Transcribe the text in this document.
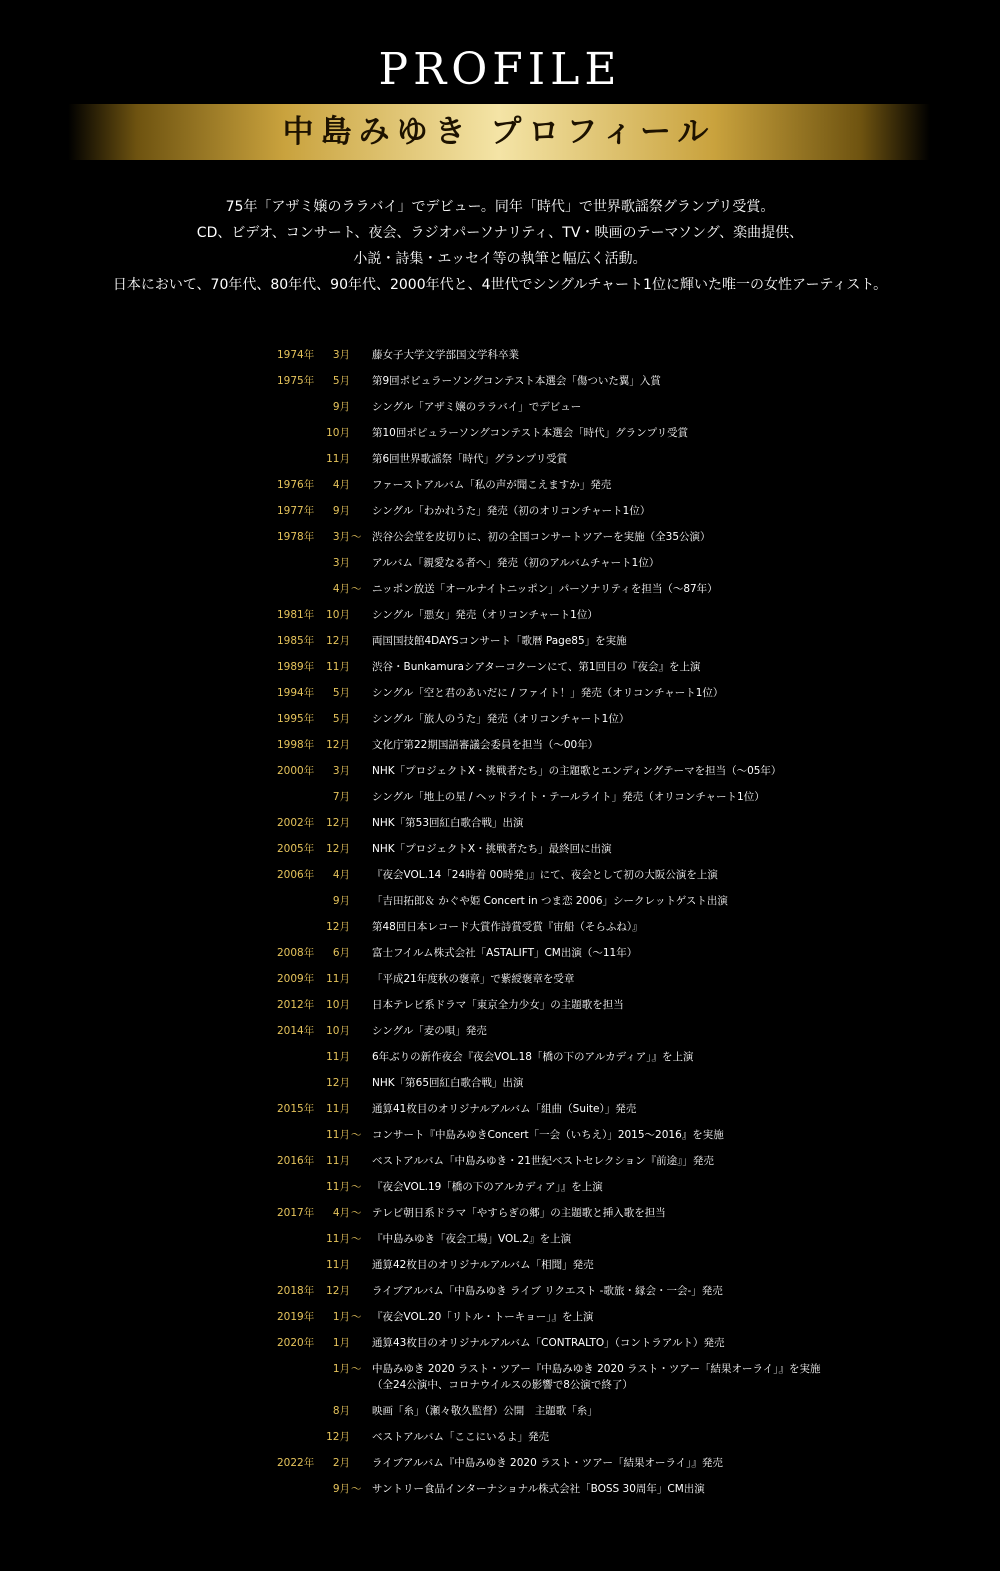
PROFILE
中島みゆき プロフィール
75年「アザミ嬢のララバイ」でデビュー。同年「時代」で世界歌謡祭グランプリ受賞。
CD、ビデオ、コンサート、夜会、ラジオパーソナリティ、TV・映画のテーマソング、楽曲提供、
小説・詩集・エッセイ等の執筆と幅広く活動。
日本において、70年代、80年代、90年代、2000年代と、4世代でシングルチャート1位に輝いた唯一の女性アーティスト。
1974年	3月 藤女子大学文学部国文学科卒業
1975年	5月 第9回ポピュラーソングコンテスト本選会「傷ついた翼」入賞
9月 シングル「アザミ嬢のララバイ」でデビュー
10月 第10回ポピュラーソングコンテスト本選会「時代」グランプリ受賞
11月 第6回世界歌謡祭「時代」グランプリ受賞
1976年	4月 ファーストアルバム「私の声が聞こえますか」発売
1977年	9月 シングル「わかれうた」発売（初のオリコンチャート1位）
1978年	3月 〜 渋谷公会堂を皮切りに、初の全国コンサートツアーを実施（全35公演）
3月 アルバム「親愛なる者へ」発売（初のアルバムチャート1位）
4月 〜 ニッポン放送「オールナイトニッポン」パーソナリティを担当（〜87年）
1981年	10月 シングル「悪女」発売（オリコンチャート1位）
1985年	12月 両国国技館4DAYSコンサート「歌暦 Page85」を実施
1989年	11月 渋谷・Bunkamuraシアターコクーンにて、第1回目の『夜会』を上演
1994年	5月 シングル「空と君のあいだに / ファイト！」発売（オリコンチャート1位）
1995年	5月 シングル「旅人のうた」発売（オリコンチャート1位）
1998年	12月 文化庁第22期国語審議会委員を担当（〜00年）
2000年	3月 NHK「プロジェクトX・挑戦者たち」の主題歌とエンディングテーマを担当（〜05年）
7月 シングル「地上の星 / ヘッドライト・テールライト」発売（オリコンチャート1位）
2002年	12月 NHK「第53回紅白歌合戦」出演
2005年	12月 NHK「プロジェクトX・挑戦者たち」最終回に出演
2006年	4月 『夜会VOL.14「24時着 00時発」』にて、夜会として初の大阪公演を上演
9月 「吉田拓郎＆ かぐや姫 Concert in つま恋 2006」シークレットゲスト出演
12月 第48回日本レコード大賞作詩賞受賞『宙船（そらふね）』
2008年	6月 富士フイルム株式会社「ASTALIFT」CM出演（〜11年）
2009年	11月 「平成21年度秋の褒章」で紫綬褒章を受章
2012年	10月 日本テレビ系ドラマ「東京全力少女」の主題歌を担当
2014年	10月 シングル「麦の唄」発売
11月 6年ぶりの新作夜会『夜会VOL.18「橋の下のアルカディア」』を上演
12月 NHK「第65回紅白歌合戦」出演
2015年	11月 通算41枚目のオリジナルアルバム「組曲（Suite）」発売
11月 〜 コンサート『中島みゆきConcert「一会（いちえ）」2015〜2016』を実施
2016年	11月 ベストアルバム「中島みゆき・21世紀ベストセレクション『前途』」発売
11月 〜 『夜会VOL.19「橋の下のアルカディア」』を上演
2017年	4月 〜 テレビ朝日系ドラマ「やすらぎの郷」の主題歌と挿入歌を担当
11月 〜 『中島みゆき「夜会工場」VOL.2』を上演
11月 通算42枚目のオリジナルアルバム「相聞」発売
2018年	12月 ライブアルバム「中島みゆき ライブ リクエスト -歌旅・縁会・一会-」発売
2019年	1月 〜 『夜会VOL.20「リトル・トーキョー」』を上演
2020年	1月 通算43枚目のオリジナルアルバム「CONTRALTO」（コントラアルト）発売
1月 〜 中島みゆき 2020 ラスト・ツアー『中島みゆき 2020 ラスト・ツアー「結果オーライ」』を実施
（全24公演中、コロナウイルスの影響で8公演で終了）
8月 映画「糸」（瀬々敬久監督）公開　主題歌「糸」
12月 ベストアルバム「ここにいるよ」発売
2022年	2月 ライブアルバム『中島みゆき 2020 ラスト・ツアー「結果オーライ」』発売
9月 〜 サントリー食品インターナショナル株式会社「BOSS 30周年」CM出演
